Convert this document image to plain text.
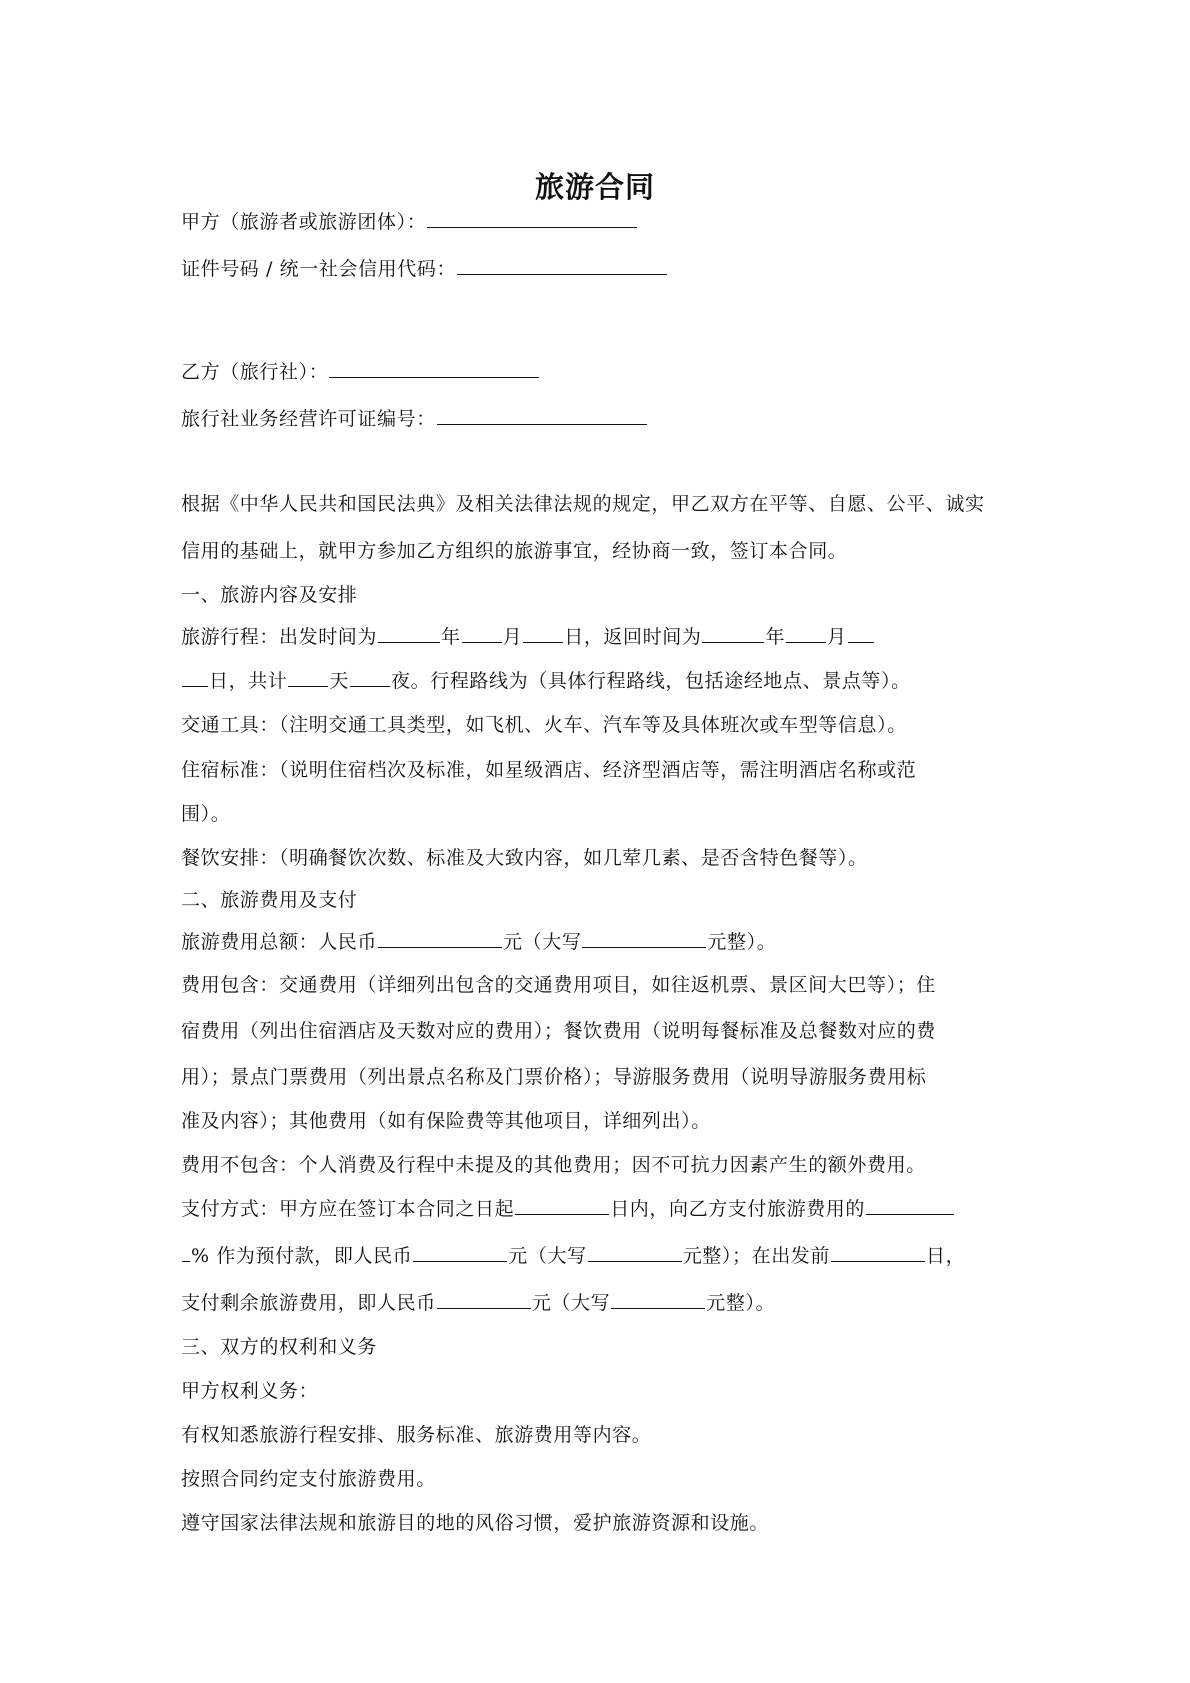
旅游合同
甲方（旅游者或旅游团体）：
证件号码 / 统一社会信用代码：
乙方（旅行社）：
旅行社业务经营许可证编号：
根据《中华人民共和国民法典》及相关法律法规的规定，甲乙双方在平等、自愿、公平、诚实
信用的基础上，就甲方参加乙方组织的旅游事宜，经协商一致，签订本合同。
一、旅游内容及安排
旅游行程：出发时间为	年 月 日，返回时间为	年 月
日，共计 天 夜。行程路线为（具体行程路线，包括途经地点、景点等）。
交通工具：（注明交通工具类型，如飞机、火车、汽车等及具体班次或车型等信息）。
住宿标准：（说明住宿档次及标准，如星级酒店、经济型酒店等，需注明酒店名称或范
围）。
餐饮安排：（明确餐饮次数、标准及大致内容，如几荤几素、是否含特色餐等）。
二、旅游费用及支付
旅游费用总额：人民币	元（大写	元整）。
费用包含：交通费用（详细列出包含的交通费用项目，如往返机票、景区间大巴等）；住
宿费用（列出住宿酒店及天数对应的费用）；餐饮费用（说明每餐标准及总餐数对应的费
用）；景点门票费用（列出景点名称及门票价格）；导游服务费用（说明导游服务费用标
准及内容）；其他费用（如有保险费等其他项目，详细列出）。
费用不包含：个人消费及行程中未提及的其他费用；因不可抗力因素产生的额外费用。
支付方式：甲方应在签订本合同之日起	日内，向乙方支付旅游费用的
% 作为预付款，即人民币	元（大写	元整）；在出发前	日，
支付剩余旅游费用，即人民币	元（大写	元整）。
三、双方的权利和义务
甲方权利义务：
有权知悉旅游行程安排、服务标准、旅游费用等内容。
按照合同约定支付旅游费用。
遵守国家法律法规和旅游目的地的风俗习惯，爱护旅游资源和设施。
